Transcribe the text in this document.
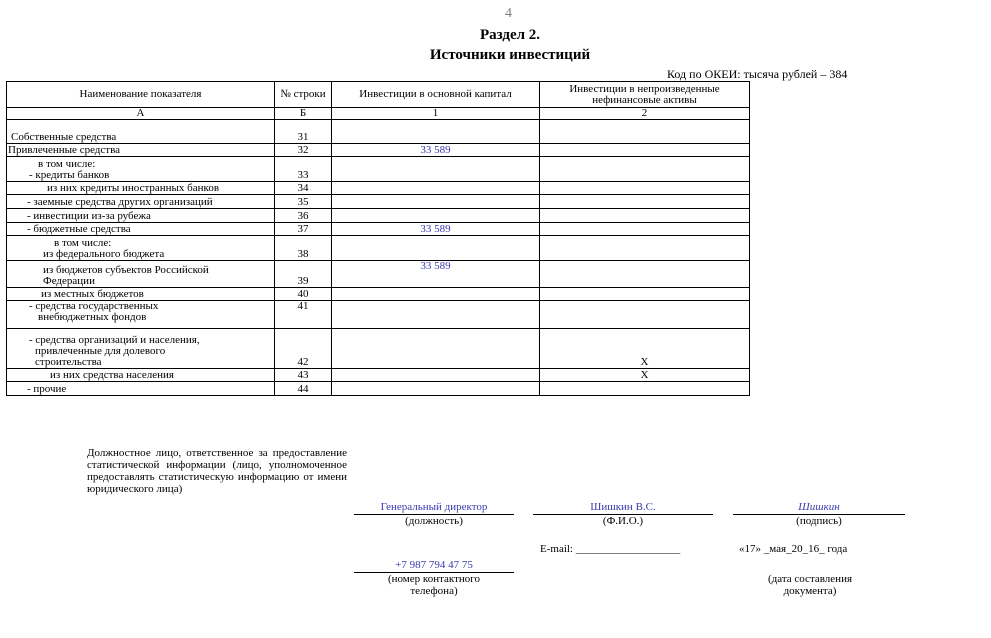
4
Раздел 2.
Источники инвестиций
Код по ОКЕИ: тысяча рублей – 384
Наименование показателя	№ строки	Инвестиции в основной капитал	Инвестиции в непроизведенные нефинансовые активы
А	Б	1	2
Собственные средства	31		
Привлеченные средства	32	33 589	

в том числе:
- кредиты банков	33		
из них кредиты иностранных банков	34		
- заемные средства других организаций	35		
- инвестиции из-за рубежа	36		
- бюджетные средства	37	33 589	

в том числе:
из федерального бюджета	38		

из бюджетов субъектов Российской
Федерации	39	33 589	
из местных бюджетов	40		

- средства государственных
внебюджетных фондов	41		

- средства организаций и населения,
привлеченные для долевого
строительства	42		X
из них средства населения	43		X
- прочие	44		
Должностное лицо, ответственное за предоставление статистической информации (лицо, уполномоченное предоставлять статистическую информацию от имени юридического лица)
Генеральный директор
(должность)
Шишкин В.С.
(Ф.И.О.)
Шишкин
(подпись)
E-mail: ___________________	«17» _мая_20_16_ года
+7 987 794 47 75
(номер контактного
телефона)
(дата составления
документа)
